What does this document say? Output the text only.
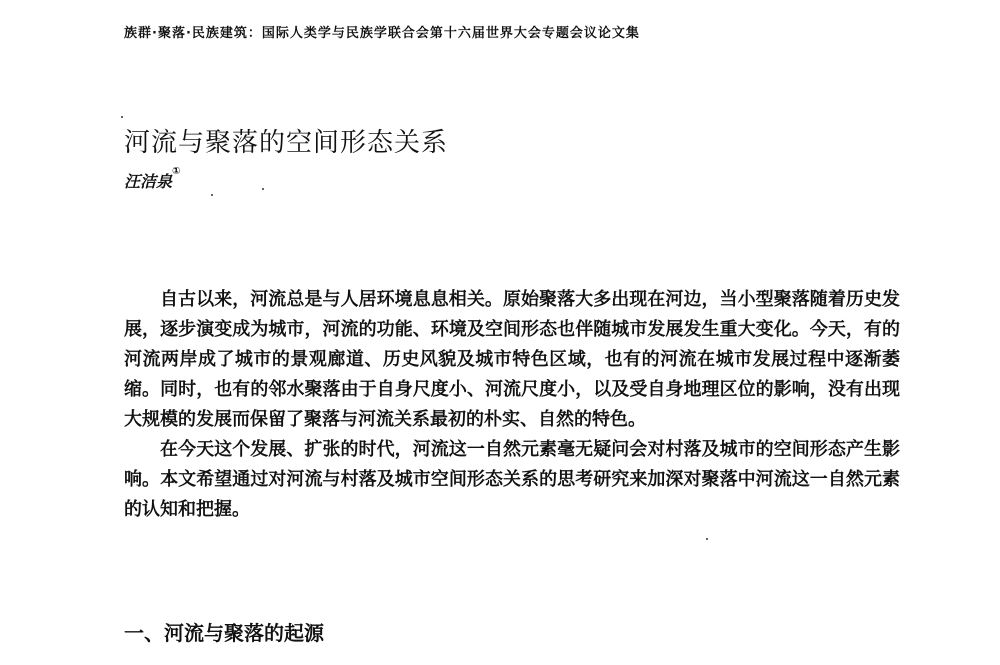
族群·聚落·民族建筑：国际人类学与民族学联合会第十六届世界大会专题会议论文集
河流与聚落的空间形态关系
汪洁泉①

自古以来，河流总是与人居环境息息相关。原始聚落大多出现在河边，当小型聚落随着历史发展，逐步演变成为城市，河流的功能、环境及空间形态也伴随城市发展发生重大变化。今天，有的河流两岸成了城市的景观廊道、历史风貌及城市特色区域，也有的河流在城市发展过程中逐渐萎缩。同时，也有的邻水聚落由于自身尺度小、河流尺度小，以及受自身地理区位的影响，没有出现大规模的发展而保留了聚落与河流关系最初的朴实、自然的特色。

在今天这个发展、扩张的时代，河流这一自然元素毫无疑问会对村落及城市的空间形态产生影响。本文希望通过对河流与村落及城市空间形态关系的思考研究来加深对聚落中河流这一自然元素的认知和把握。

一、河流与聚落的起源
